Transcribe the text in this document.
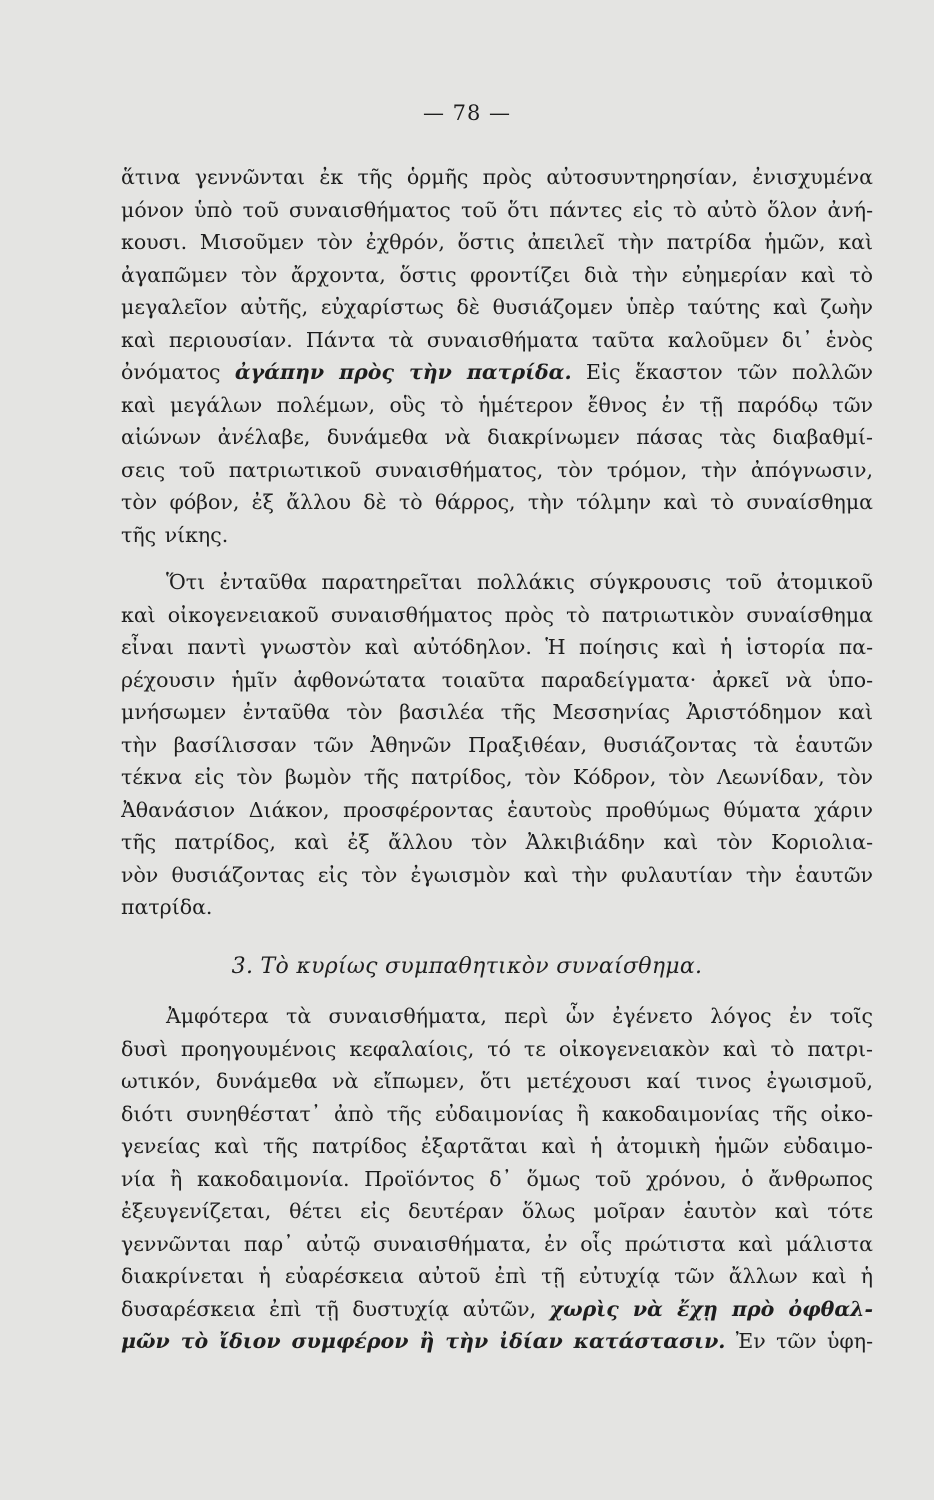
— 78 —
ἅτινα γεννῶνται ἐκ τῆς ὁρμῆς πρὸς αὐτοσυντηρησίαν, ἐνισχυμένα
μόνον ὑπὸ τοῦ συναισθήματος τοῦ ὅτι πάντες εἰς τὸ αὐτὸ ὅλον ἀνή-
κουσι. Μισοῦμεν τὸν ἐχθρόν, ὅστις ἀπειλεῖ τὴν πατρίδα ἡμῶν, καὶ
ἀγαπῶμεν τὸν ἄρχοντα, ὅστις φροντίζει διὰ τὴν εὐημερίαν καὶ τὸ
μεγαλεῖον αὐτῆς, εὐχαρίστως δὲ θυσιάζομεν ὑπὲρ ταύτης καὶ ζωὴν
καὶ περιουσίαν. Πάντα τὰ συναισθήματα ταῦτα καλοῦμεν δι᾽ ἑνὸς
ὀνόματος ἀγάπην πρὸς τὴν πατρίδα. Εἰς ἕκαστον τῶν πολλῶν
καὶ μεγάλων πολέμων, οὓς τὸ ἡμέτερον ἔθνος ἐν τῇ παρόδῳ τῶν
αἰώνων ἀνέλαβε, δυνάμεθα νὰ διακρίνωμεν πάσας τὰς διαβαθμί-
σεις τοῦ πατριωτικοῦ συναισθήματος, τὸν τρόμον, τὴν ἀπόγνωσιν,
τὸν φόβον, ἐξ ἄλλου δὲ τὸ θάρρος, τὴν τόλμην καὶ τὸ συναίσθημα
τῆς νίκης.
Ὅτι ἐνταῦθα παρατηρεῖται πολλάκις σύγκρουσις τοῦ ἀτομικοῦ
καὶ οἰκογενειακοῦ συναισθήματος πρὸς τὸ πατριωτικὸν συναίσθημα
εἶναι παντὶ γνωστὸν καὶ αὐτόδηλον. Ἡ ποίησις καὶ ἡ ἱστορία πα-
ρέχουσιν ἡμῖν ἀφθονώτατα τοιαῦτα παραδείγματα· ἀρκεῖ νὰ ὑπο-
μνήσωμεν ἐνταῦθα τὸν βασιλέα τῆς Μεσσηνίας Ἀριστόδημον καὶ
τὴν βασίλισσαν τῶν Ἀθηνῶν Πραξιθέαν, θυσιάζοντας τὰ ἑαυτῶν
τέκνα εἰς τὸν βωμὸν τῆς πατρίδος, τὸν Κόδρον, τὸν Λεωνίδαν, τὸν
Ἀθανάσιον Διάκον, προσφέροντας ἑαυτοὺς προθύμως θύματα χάριν
τῆς πατρίδος, καὶ ἐξ ἄλλου τὸν Ἀλκιβιάδην καὶ τὸν Κοριολια-
νὸν θυσιάζοντας εἰς τὸν ἐγωισμὸν καὶ τὴν φυλαυτίαν τὴν ἑαυτῶν
πατρίδα.
3. Τὸ κυρίως συμπαθητικὸν συναίσθημα.
Ἀμφότερα τὰ συναισθήματα, περὶ ὧν ἐγένετο λόγος ἐν τοῖς
δυσὶ προηγουμένοις κεφαλαίοις, τό τε οἰκογενειακὸν καὶ τὸ πατρι-
ωτικόν, δυνάμεθα νὰ εἴπωμεν, ὅτι μετέχουσι καί τινος ἐγωισμοῦ,
διότι συνηθέστατ᾽ ἀπὸ τῆς εὐδαιμονίας ἢ κακοδαιμονίας τῆς οἰκο-
γενείας καὶ τῆς πατρίδος ἐξαρτᾶται καὶ ἡ ἀτομικὴ ἡμῶν εὐδαιμο-
νία ἢ κακοδαιμονία. Προϊόντος δ᾽ ὅμως τοῦ χρόνου, ὁ ἄνθρωπος
ἐξευγενίζεται, θέτει εἰς δευτέραν ὅλως μοῖραν ἑαυτὸν καὶ τότε
γεννῶνται παρ᾽ αὐτῷ συναισθήματα, ἐν οἷς πρώτιστα καὶ μάλιστα
διακρίνεται ἡ εὐαρέσκεια αὐτοῦ ἐπὶ τῇ εὐτυχίᾳ τῶν ἄλλων καὶ ἡ
δυσαρέσκεια ἐπὶ τῇ δυστυχίᾳ αὐτῶν, χωρὶς νὰ ἔχῃ πρὸ ὀφθαλ-
μῶν τὸ ἴδιον συμφέρον ἢ τὴν ἰδίαν κατάστασιν. Ἐν τῶν ὑφη-
